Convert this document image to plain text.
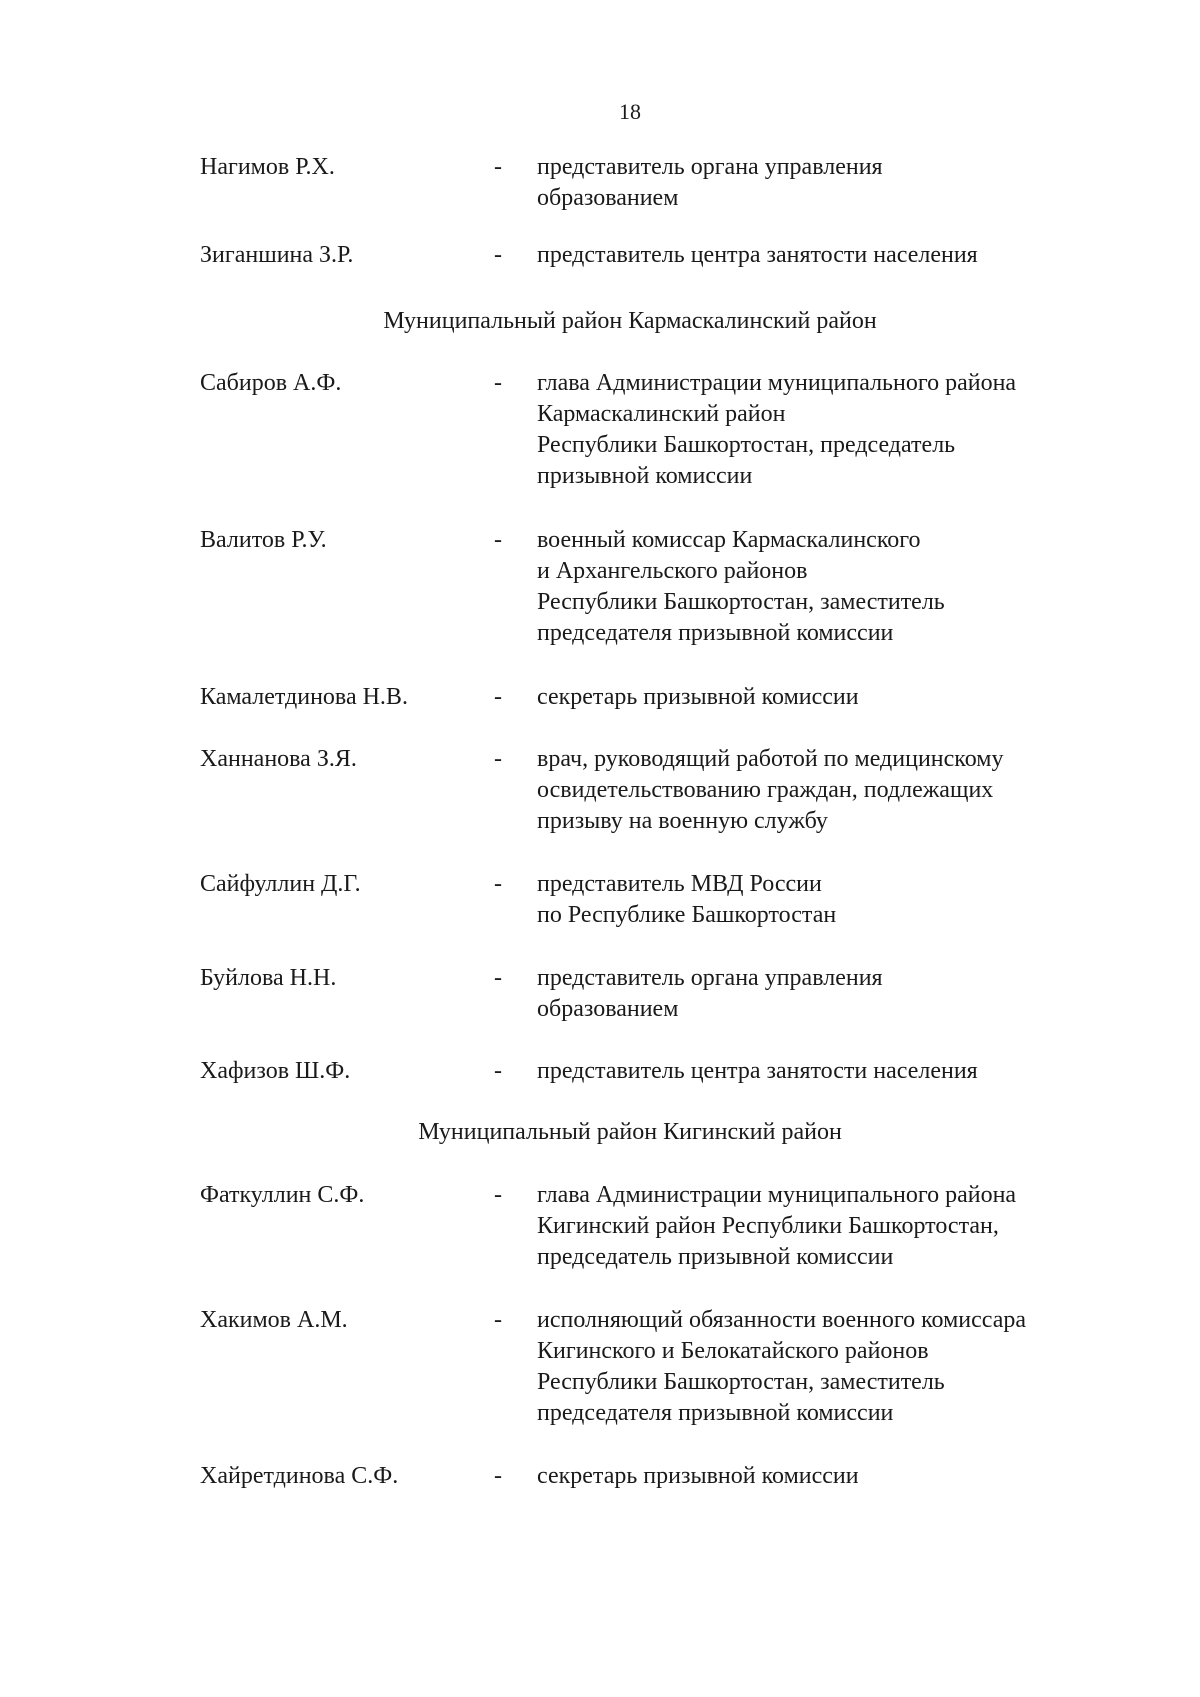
18
Нагимов Р.Х.	- представитель органа управления
образованием
Зиганшина З.Р.	- представитель центра занятости населения
Муниципальный район Кармаскалинский район
Сабиров А.Ф.	- глава Администрации муниципального района
Кармаскалинский район
Республики Башкортостан, председатель
призывной комиссии
Валитов Р.У.	- военный комиссар Кармаскалинского
и Архангельского районов
Республики Башкортостан, заместитель
председателя призывной комиссии
Камалетдинова Н.В.	- секретарь призывной комиссии
Ханнанова З.Я.	- врач, руководящий работой по медицинскому
освидетельствованию граждан, подлежащих
призыву на военную службу
Сайфуллин Д.Г.	- представитель МВД России
по Республике Башкортостан
Буйлова Н.Н.	- представитель органа управления
образованием
Хафизов Ш.Ф.	- представитель центра занятости населения
Муниципальный район Кигинский район
Фаткуллин С.Ф.	- глава Администрации муниципального района
Кигинский район Республики Башкортостан,
председатель призывной комиссии
Хакимов А.М.	- исполняющий обязанности военного комиссара
Кигинского и Белокатайского районов
Республики Башкортостан, заместитель
председателя призывной комиссии
Хайретдинова С.Ф.	- секретарь призывной комиссии
